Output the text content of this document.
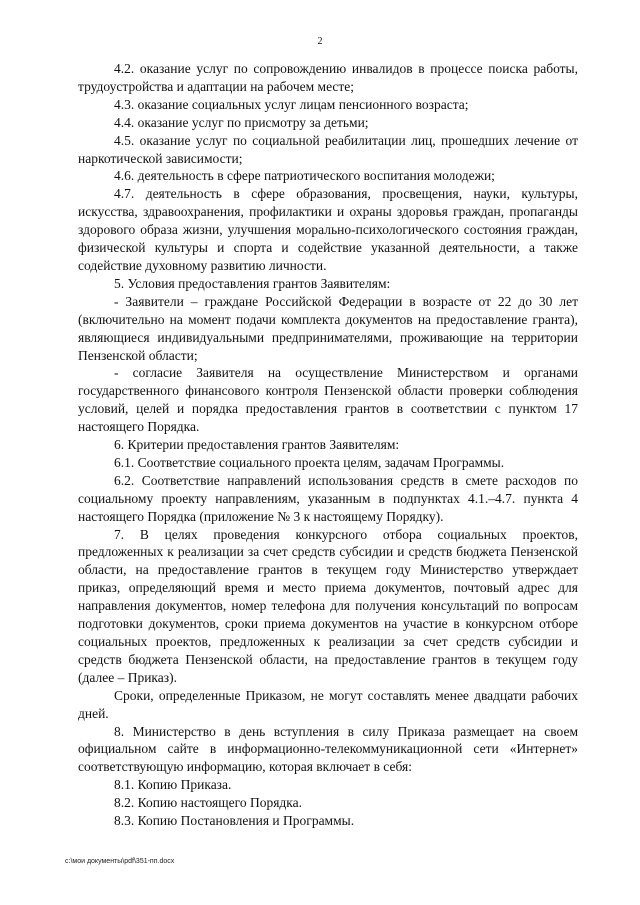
2

4.2. оказание услуг по сопровождению инвалидов в процессе поиска работы, трудоустройства и адаптации на рабочем месте;

4.3. оказание социальных услуг лицам пенсионного возраста;

4.4. оказание услуг по присмотру за детьми;

4.5. оказание услуг по социальной реабилитации лиц, прошедших лечение от наркотической зависимости;

4.6. деятельность в сфере патриотического воспитания молодежи;

4.7. деятельность в сфере образования, просвещения, науки, культуры, искусства, здравоохранения, профилактики и охраны здоровья граждан, пропаганды здорового образа жизни, улучшения морально-психологического состояния граждан, физической культуры и спорта и содействие указанной деятельности, а также содействие духовному развитию личности.

5. Условия предоставления грантов Заявителям:

- Заявители – граждане Российской Федерации в возрасте от 22 до 30 лет (включительно на момент подачи комплекта документов на предоставление гранта), являющиеся индивидуальными предпринимателями, проживающие на территории Пензенской области;

- согласие Заявителя на осуществление Министерством и органами государственного финансового контроля Пензенской области проверки соблюдения условий, целей и порядка предоставления грантов в соответствии с пунктом 17 настоящего Порядка.

6. Критерии предоставления грантов Заявителям:

6.1. Соответствие социального проекта целям, задачам Программы.

6.2. Соответствие направлений использования средств в смете расходов по социальному проекту направлениям, указанным в подпунктах 4.1.–4.7. пункта 4 настоящего Порядка (приложение № 3 к настоящему Порядку).

7. В целях проведения конкурсного отбора социальных проектов, предложенных к реализации за счет средств субсидии и средств бюджета Пензенской области, на предоставление грантов в текущем году Министерство утверждает приказ, определяющий время и место приема документов, почтовый адрес для направления документов, номер телефона для получения консультаций по вопросам подготовки документов, сроки приема документов на участие в конкурсном отборе социальных проектов, предложенных к реализации за счет средств субсидии и средств бюджета Пензенской области, на предоставление грантов в текущем году (далее – Приказ).

Сроки, определенные Приказом, не могут составлять менее двадцати рабочих дней.

8. Министерство в день вступления в силу Приказа размещает на своем официальном сайте в информационно-телекоммуникационной сети «Интернет» соответствующую информацию, которая включает в себя:

8.1. Копию Приказа.

8.2. Копию настоящего Порядка.

8.3. Копию Постановления и Программы.

c:\мои документы\pdf\351-пп.docx
